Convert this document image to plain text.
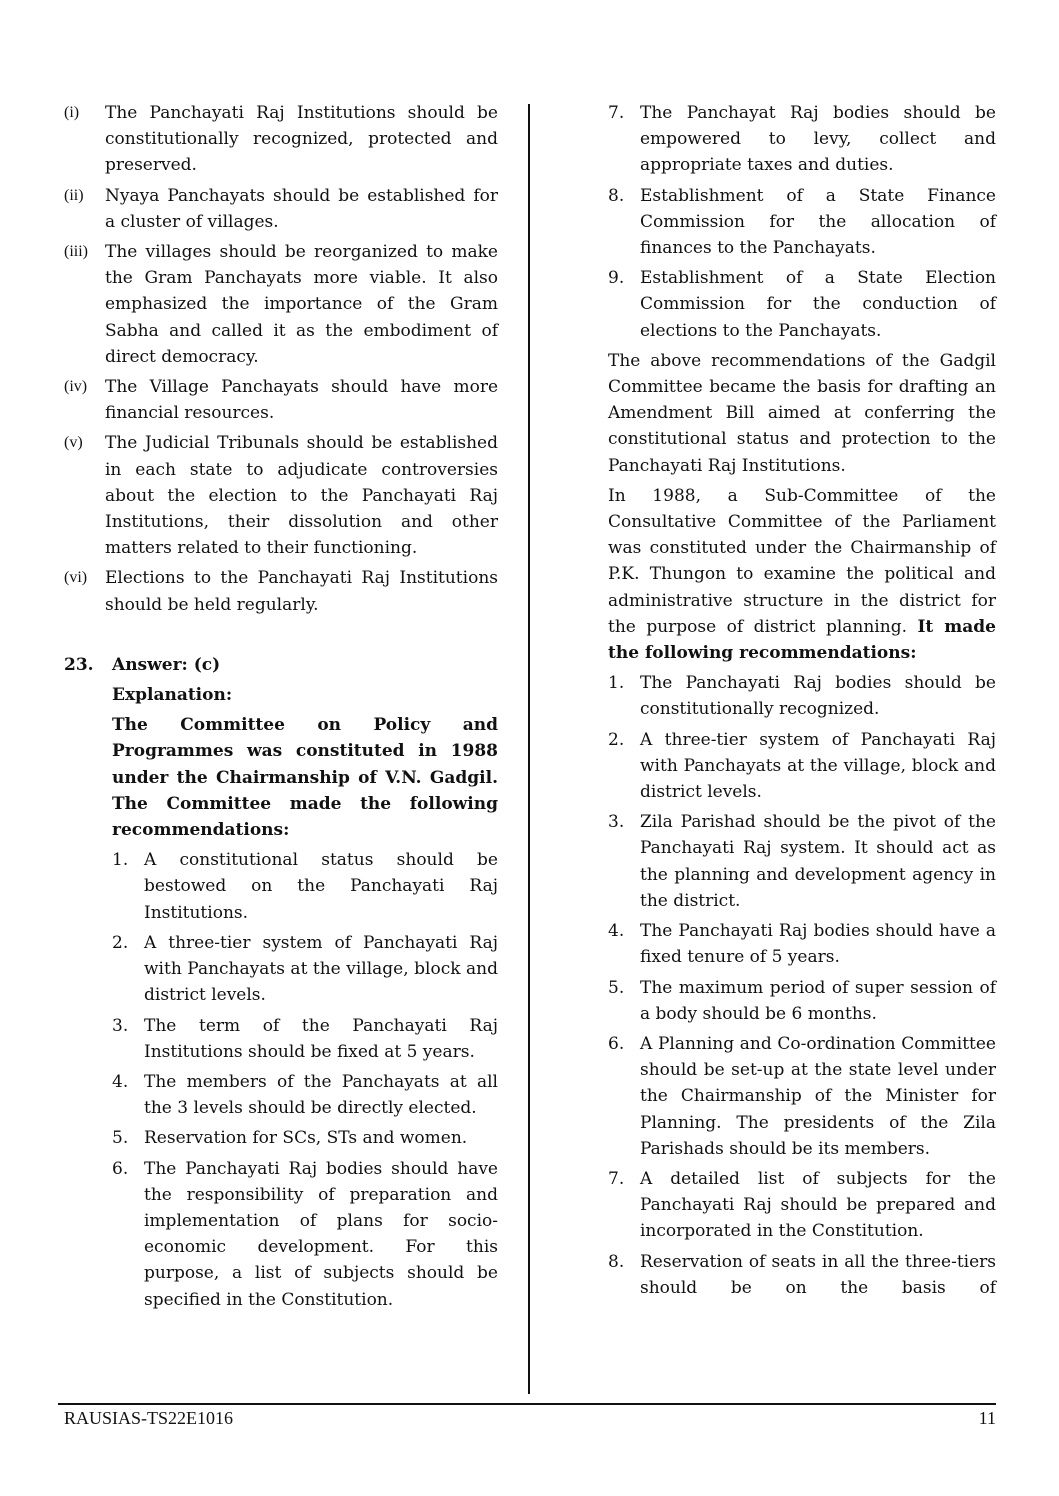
(i)	The Panchayati Raj Institutions should be constitutionally recognized, protected and preserved.
(ii)	Nyaya Panchayats should be established for a cluster of villages.
(iii)	The villages should be reorganized to make the Gram Panchayats more viable. It also emphasized the importance of the Gram Sabha and called it as the embodiment of direct democracy.
(iv)	The Village Panchayats should have more financial resources.
(v)	The Judicial Tribunals should be established in each state to adjudicate controversies about the election to the Panchayati Raj Institutions, their dissolution and other matters related to their functioning.
(vi)	Elections to the Panchayati Raj Institutions should be held regularly.
23.	Answer: (c)
Explanation:
The Committee on Policy and Programmes was constituted in 1988 under the Chairmanship of V.N. Gadgil. The Committee made the following recommendations:
1. A constitutional status should be bestowed on the Panchayati Raj Institutions.
2. A three-tier system of Panchayati Raj with Panchayats at the village, block and district levels.
3. The term of the Panchayati Raj Institutions should be fixed at 5 years.
4. The members of the Panchayats at all the 3 levels should be directly elected.
5. Reservation for SCs, STs and women.
6. The Panchayati Raj bodies should have the responsibility of preparation and implementation of plans for socio-economic development. For this purpose, a list of subjects should be specified in the Constitution.
7. The Panchayat Raj bodies should be empowered to levy, collect and appropriate taxes and duties.
8. Establishment of a State Finance Commission for the allocation of finances to the Panchayats.
9. Establishment of a State Election Commission for the conduction of elections to the Panchayats.
The above recommendations of the Gadgil Committee became the basis for drafting an Amendment Bill aimed at conferring the constitutional status and protection to the Panchayati Raj Institutions.
In 1988, a Sub-Committee of the Consultative Committee of the Parliament was constituted under the Chairmanship of P.K. Thungon to examine the political and administrative structure in the district for the purpose of district planning. It made the following recommendations:
1. The Panchayati Raj bodies should be constitutionally recognized.
2. A three-tier system of Panchayati Raj with Panchayats at the village, block and district levels.
3. Zila Parishad should be the pivot of the Panchayati Raj system. It should act as the planning and development agency in the district.
4. The Panchayati Raj bodies should have a fixed tenure of 5 years.
5. The maximum period of super session of a body should be 6 months.
6. A Planning and Co-ordination Committee should be set-up at the state level under the Chairmanship of the Minister for Planning. The presidents of the Zila Parishads should be its members.
7. A detailed list of subjects for the Panchayati Raj should be prepared and incorporated in the Constitution.
8. Reservation of seats in all the three-tiers should be on the basis of
RAUSIAS-TS22E1016	11
